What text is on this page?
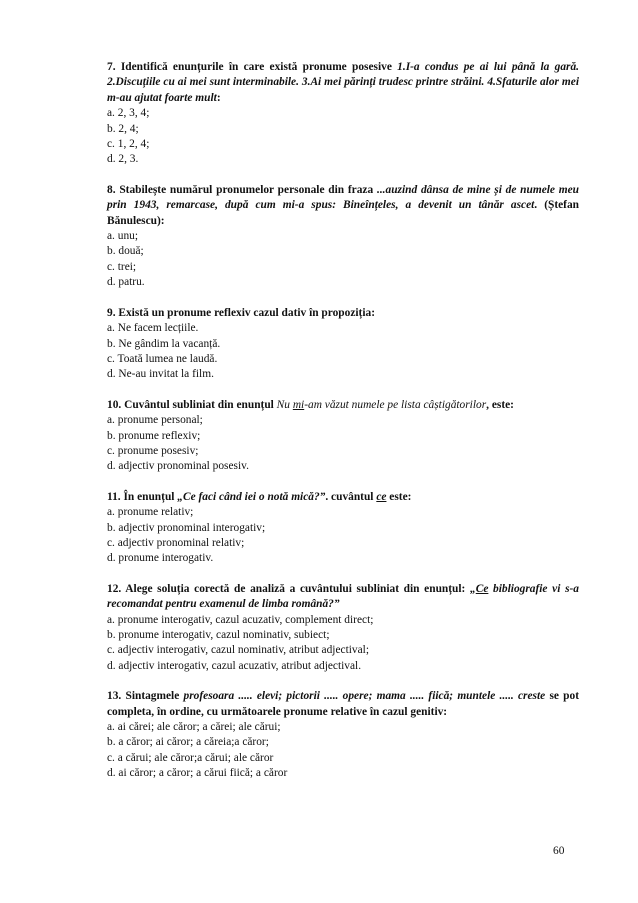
7. Identifică enunțurile în care există pronume posesive 1.I-a condus pe ai lui până la gară. 2.Discuțiile cu ai mei sunt interminabile. 3.Ai mei părinți trudesc printre străini. 4.Sfaturile alor mei m-au ajutat foarte mult:
a. 2, 3, 4;
b. 2, 4;
c. 1, 2, 4;
d. 2, 3.
8. Stabilește numărul pronumelor personale din fraza ...auzind dânsa de mine și de numele meu prin 1943, remarcase, după cum mi-a spus: Bineînțeles, a devenit un tânăr ascet. (Ștefan Bănulescu):
a. unu;
b. două;
c. trei;
d. patru.
9. Există un pronume reflexiv cazul dativ în propoziția:
a. Ne facem lecțiile.
b. Ne gândim la vacanță.
c. Toată lumea ne laudă.
d. Ne-au invitat la film.
10. Cuvântul subliniat din enunțul Nu mi-am văzut numele pe lista câștigătorilor, este:
a. pronume personal;
b. pronume reflexiv;
c. pronume posesiv;
d. adjectiv pronominal posesiv.
11. În enunțul „Ce faci când iei o notă mică?”. cuvântul ce este:
a. pronume relativ;
b. adjectiv pronominal interogativ;
c. adjectiv pronominal relativ;
d. pronume interogativ.
12. Alege soluția corectă de analiză a cuvântului subliniat din enunțul: „Ce bibliografie vi s-a recomandat pentru examenul de limba română?”
a. pronume interogativ, cazul acuzativ, complement direct;
b. pronume interogativ, cazul nominativ, subiect;
c. adjectiv interogativ, cazul nominativ, atribut adjectival;
d. adjectiv interogativ, cazul acuzativ, atribut adjectival.
13. Sintagmele profesoara ..... elevi; pictorii ..... opere; mama ..... fiică; muntele ..... creste se pot completa, în ordine, cu următoarele pronume relative în cazul genitiv:
a. ai cărei; ale căror; a cărei; ale cărui;
b. a căror; ai căror; a căreia;a căror;
c. a cărui; ale căror;a cărui; ale căror
d. ai căror; a căror; a cărui fiică; a căror
60
